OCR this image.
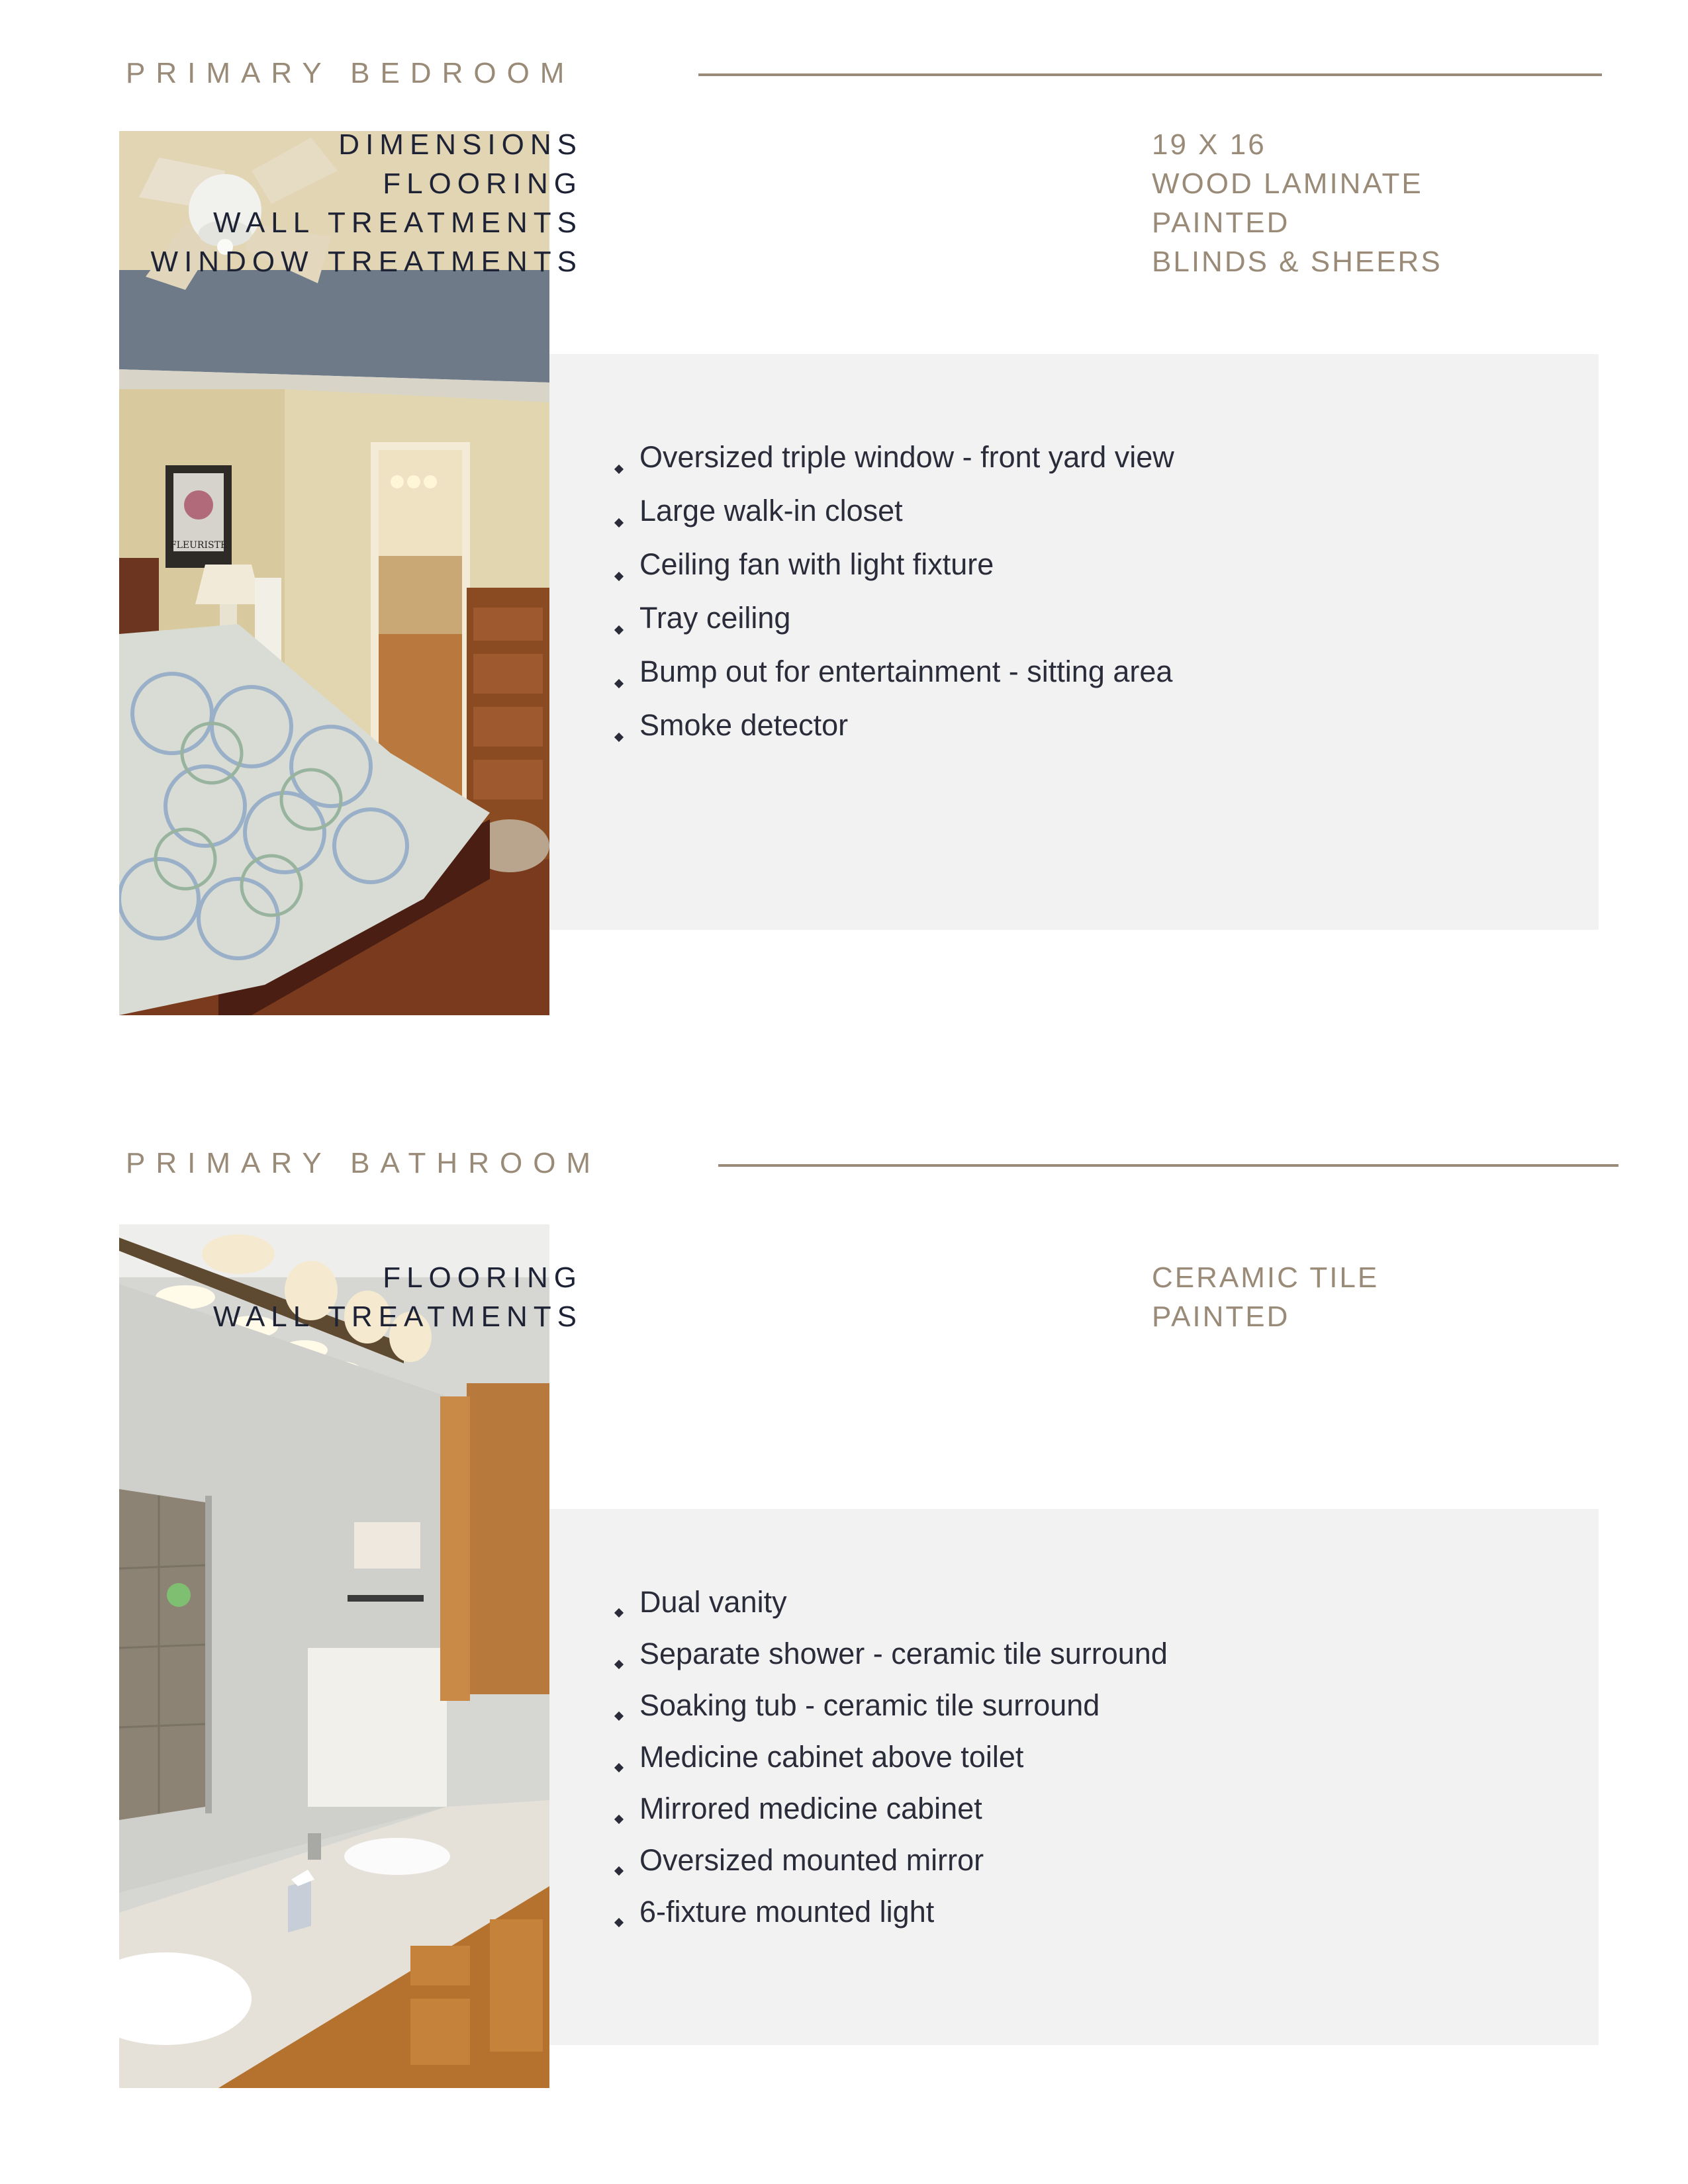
PRIMARY BEDROOM
FLEURISTE
DIMENSIONS	19 X 16
FLOORING	WOOD LAMINATE
WALL TREATMENTS	PAINTED
WINDOW TREATMENTS	BLINDS & SHEERS
Oversized triple window - front yard view
Large walk-in closet
Ceiling fan with light fixture
Tray ceiling
Bump out for entertainment - sitting area
Smoke detector
PRIMARY BATHROOM
FLOORING	CERAMIC TILE
WALL TREATMENTS	PAINTED
Dual vanity
Separate shower - ceramic tile surround
Soaking tub - ceramic tile surround
Medicine cabinet above toilet
Mirrored medicine cabinet
Oversized mounted mirror
6-fixture mounted light
